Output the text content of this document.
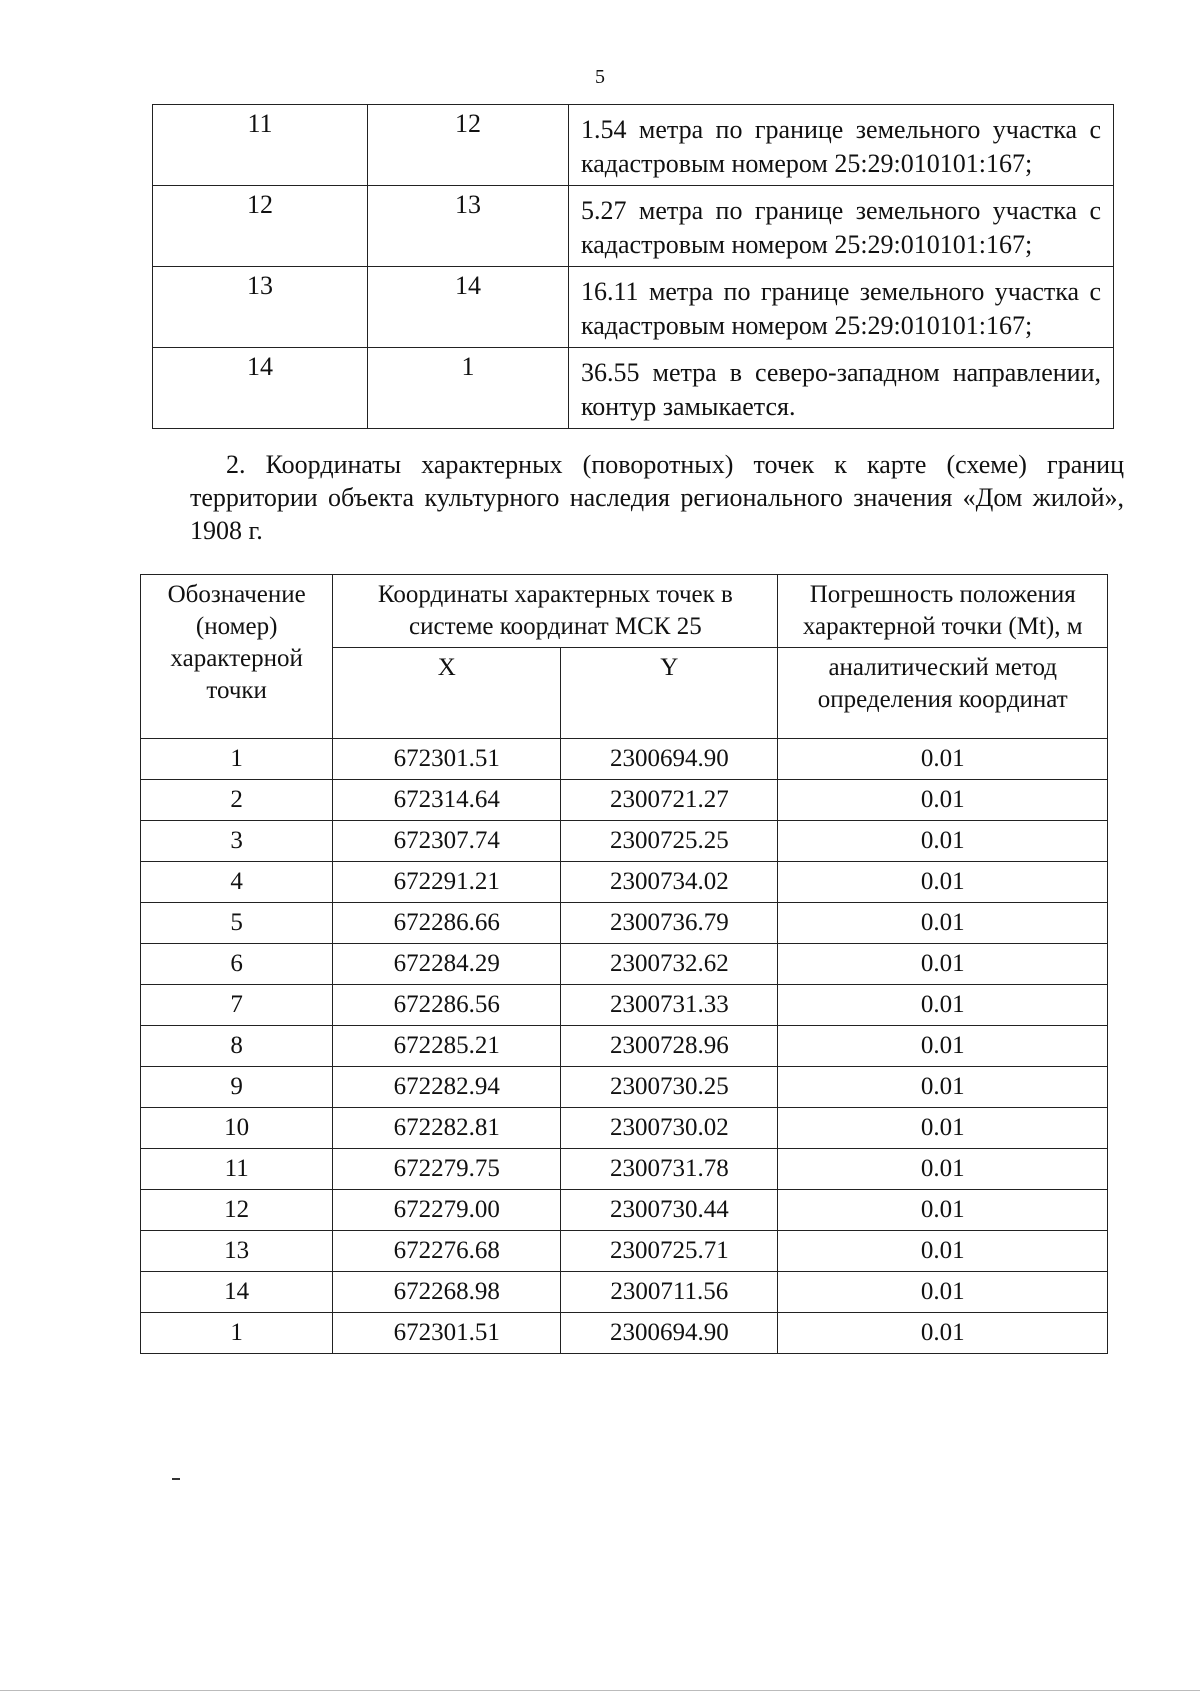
5
11	12	1.54 метра по границе земельного участка с кадастровым номером 25:29:010101:167;
12	13	5.27 метра по границе земельного участка с кадастровым номером 25:29:010101:167;
13	14	16.11 метра по границе земельного участка с кадастровым номером 25:29:010101:167;
14	1	36.55 метра в северо-западном направлении, контур замыкается.
2. Координаты характерных (поворотных) точек к карте (схеме) границ территории объекта культурного наследия регионального значения «Дом жилой», 1908 г.
Обозначение (номер) характерной точки	Координаты характерных точек в системе координат МСК 25		Погрешность положения характерной точки (Mt), м
	X	Y	аналитический метод определения координат
1	672301.51	2300694.90	0.01
2	672314.64	2300721.27	0.01
3	672307.74	2300725.25	0.01
4	672291.21	2300734.02	0.01
5	672286.66	2300736.79	0.01
6	672284.29	2300732.62	0.01
7	672286.56	2300731.33	0.01
8	672285.21	2300728.96	0.01
9	672282.94	2300730.25	0.01
10	672282.81	2300730.02	0.01
11	672279.75	2300731.78	0.01
12	672279.00	2300730.44	0.01
13	672276.68	2300725.71	0.01
14	672268.98	2300711.56	0.01
1	672301.51	2300694.90	0.01
